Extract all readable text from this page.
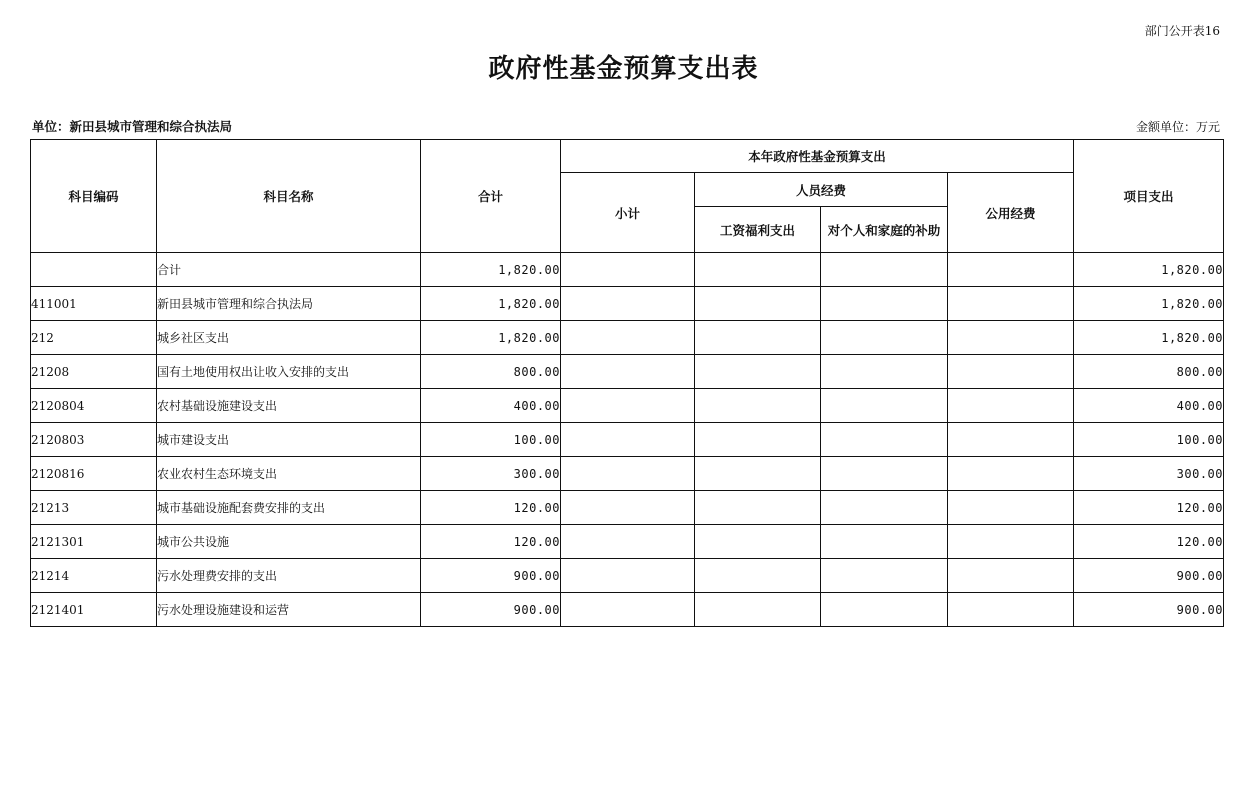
部门公开表16
政府性基金预算支出表
单位：新田县城市管理和综合执法局	金额单位：万元
科目编码	科目名称	合计	本年政府性基金预算支出				项目支出
			小计	人员经费		公用经费	
				工资福利支出	对个人和家庭的补助		
	合计	1,820.00					1,820.00
411001	新田县城市管理和综合执法局	1,820.00					1,820.00
212	城乡社区支出	1,820.00					1,820.00
21208	国有土地使用权出让收入安排的支出	800.00					800.00
2120804	农村基础设施建设支出	400.00					400.00
2120803	城市建设支出	100.00					100.00
2120816	农业农村生态环境支出	300.00					300.00
21213	城市基础设施配套费安排的支出	120.00					120.00
2121301	城市公共设施	120.00					120.00
21214	污水处理费安排的支出	900.00					900.00
2121401	污水处理设施建设和运营	900.00					900.00
